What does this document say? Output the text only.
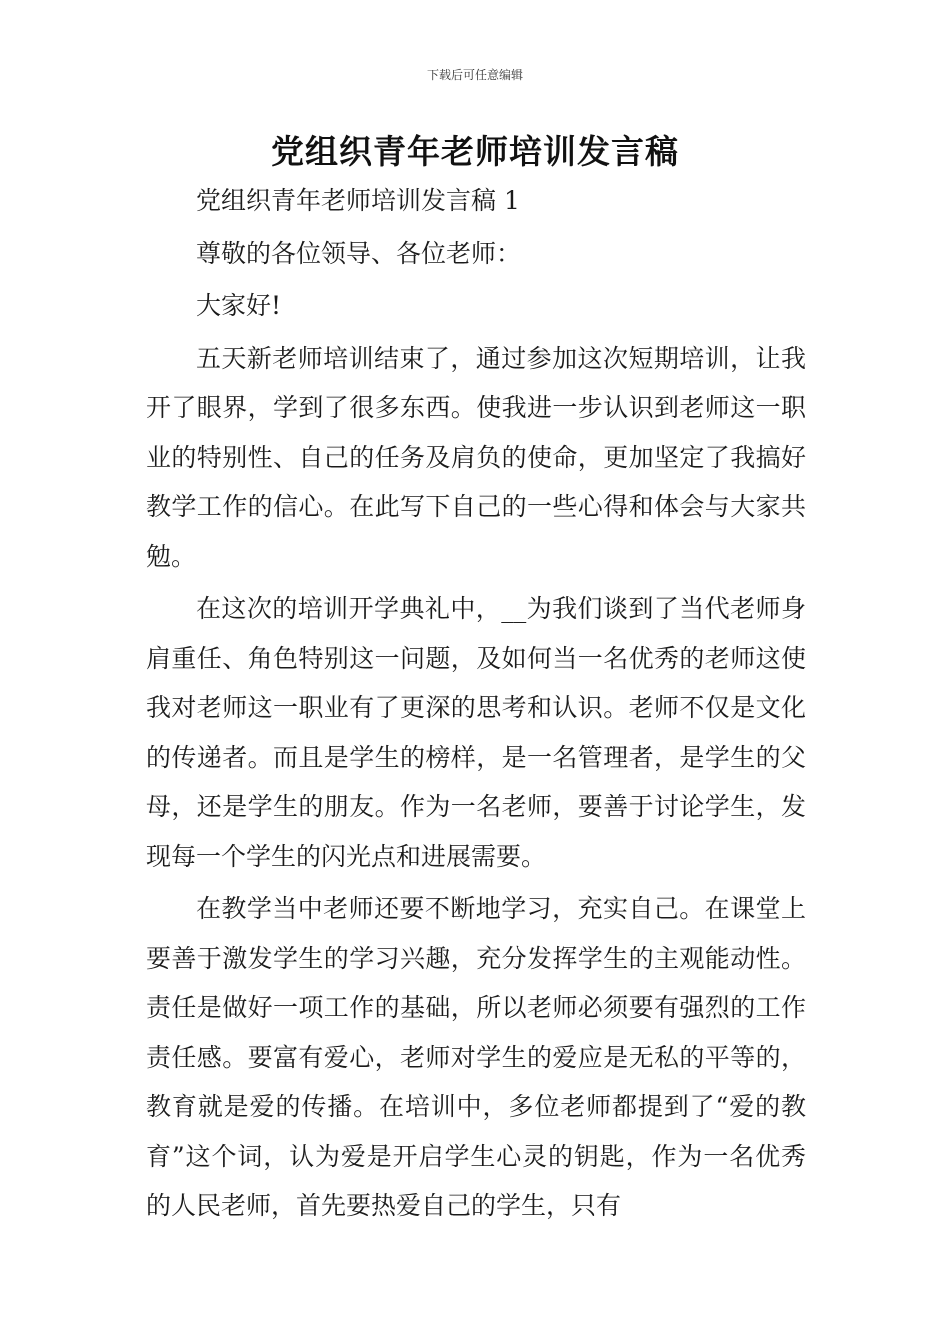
下载后可任意编辑
党组织青年老师培训发言稿

党组织青年老师培训发言稿 1

尊敬的各位领导、各位老师：

大家好!

五天新老师培训结束了，通过参加这次短期培训，让我开了眼界，学到了很多东西。使我进一步认识到老师这一职业的特别性、自己的任务及肩负的使命，更加坚定了我搞好教学工作的信心。在此写下自己的一些心得和体会与大家共勉。

在这次的培训开学典礼中，__为我们谈到了当代老师身肩重任、角色特别这一问题，及如何当一名优秀的老师这使我对老师这一职业有了更深的思考和认识。老师不仅是文化的传递者。而且是学生的榜样，是一名管理者，是学生的父母，还是学生的朋友。作为一名老师，要善于讨论学生，发现每一个学生的闪光点和进展需要。

在教学当中老师还要不断地学习，充实自己。在课堂上要善于激发学生的学习兴趣，充分发挥学生的主观能动性。责任是做好一项工作的基础，所以老师必须要有强烈的工作责任感。要富有爱心，老师对学生的爱应是无私的平等的，教育就是爱的传播。在培训中，多位老师都提到了“爱的教育”这个词，认为爱是开启学生心灵的钥匙，作为一名优秀的人民老师，首先要热爱自己的学生，只有
